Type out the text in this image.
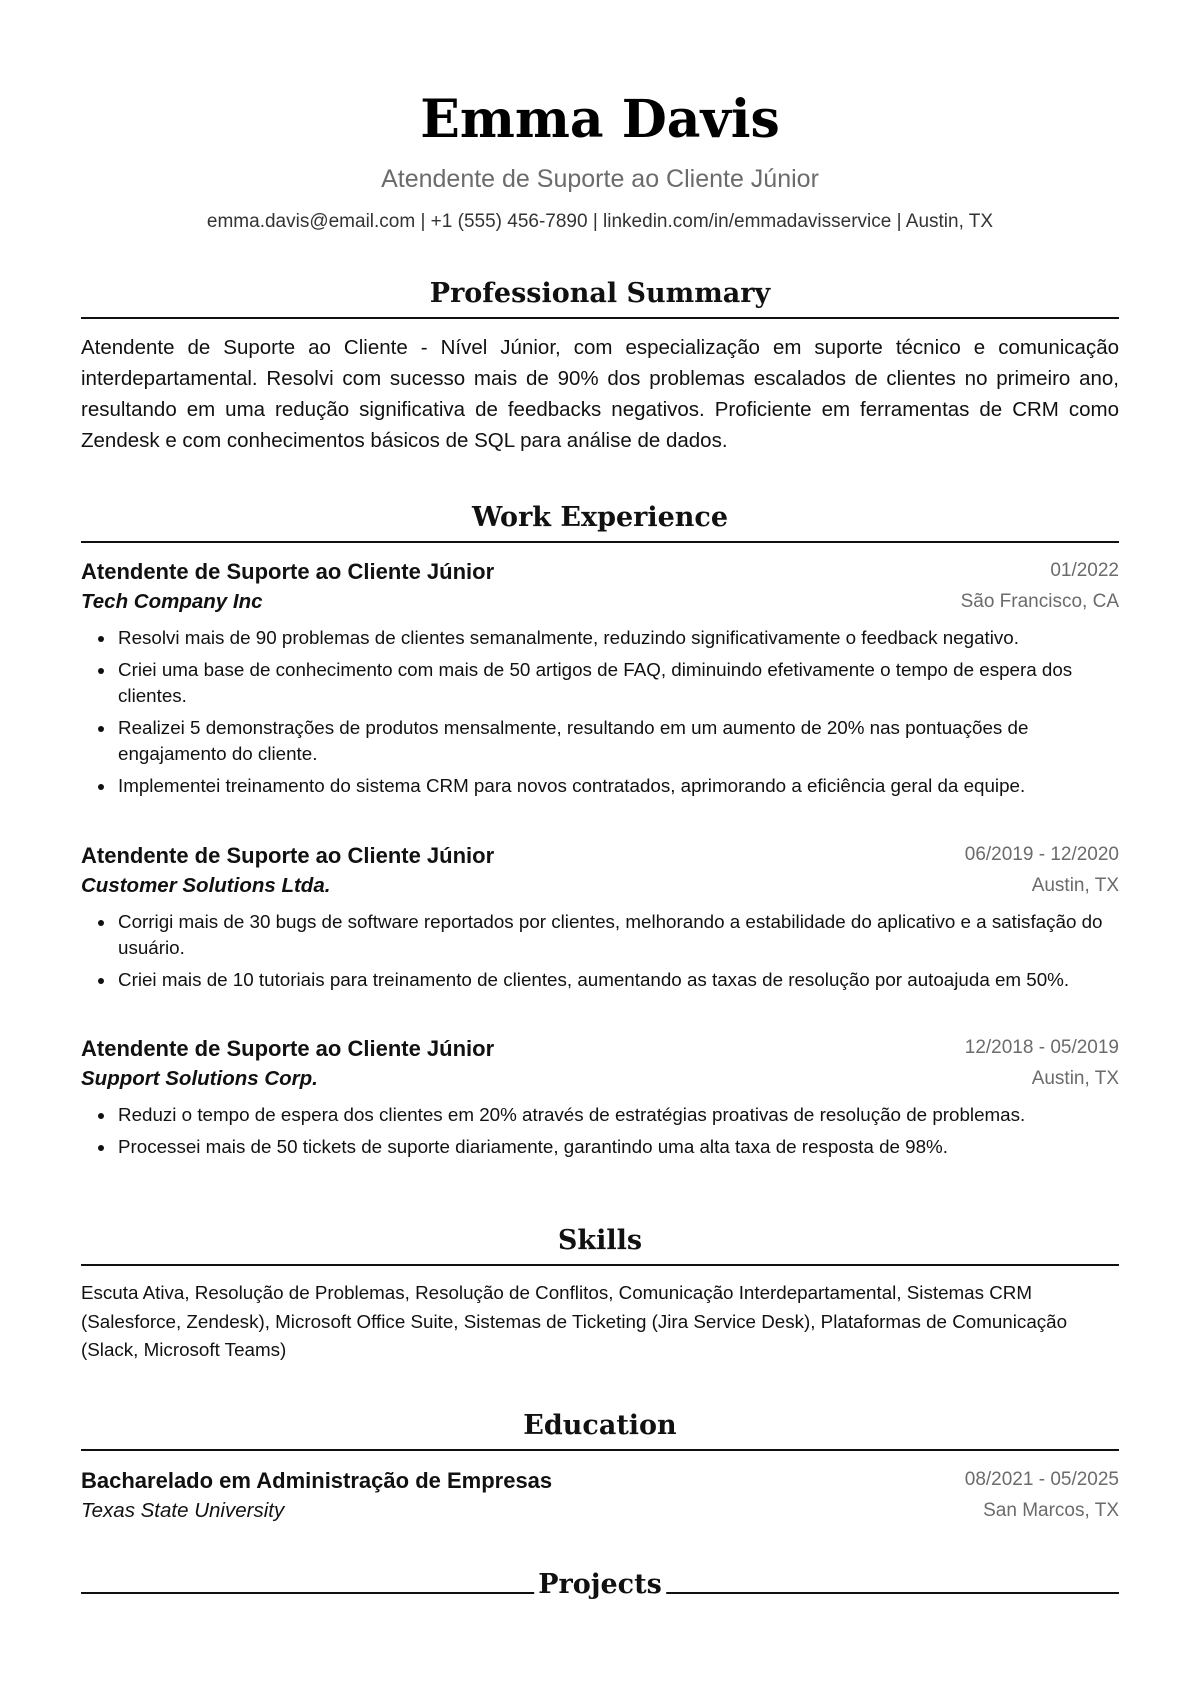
Emma Davis
Atendente de Suporte ao Cliente Júnior
emma.davis@email.com | +1 (555) 456-7890 | linkedin.com/in/emmadavisservice | Austin, TX
Professional Summary
Atendente de Suporte ao Cliente - Nível Júnior, com especialização em suporte técnico e comunicação interdepartamental. Resolvi com sucesso mais de 90% dos problemas escalados de clientes no primeiro ano, resultando em uma redução significativa de feedbacks negativos. Proficiente em ferramentas de CRM como Zendesk e com conhecimentos básicos de SQL para análise de dados.
Work Experience
Atendente de Suporte ao Cliente Júnior	01/2022
Tech Company Inc	São Francisco, CA
Resolvi mais de 90 problemas de clientes semanalmente, reduzindo significativamente o feedback negativo.
Criei uma base de conhecimento com mais de 50 artigos de FAQ, diminuindo efetivamente o tempo de espera dos clientes.
Realizei 5 demonstrações de produtos mensalmente, resultando em um aumento de 20% nas pontuações de engajamento do cliente.
Implementei treinamento do sistema CRM para novos contratados, aprimorando a eficiência geral da equipe.
Atendente de Suporte ao Cliente Júnior	06/2019 - 12/2020
Customer Solutions Ltda.	Austin, TX
Corrigi mais de 30 bugs de software reportados por clientes, melhorando a estabilidade do aplicativo e a satisfação do usuário.
Criei mais de 10 tutoriais para treinamento de clientes, aumentando as taxas de resolução por autoajuda em 50%.
Atendente de Suporte ao Cliente Júnior	12/2018 - 05/2019
Support Solutions Corp.	Austin, TX
Reduzi o tempo de espera dos clientes em 20% através de estratégias proativas de resolução de problemas.
Processei mais de 50 tickets de suporte diariamente, garantindo uma alta taxa de resposta de 98%.
Skills
Escuta Ativa, Resolução de Problemas, Resolução de Conflitos, Comunicação Interdepartamental, Sistemas CRM (Salesforce, Zendesk), Microsoft Office Suite, Sistemas de Ticketing (Jira Service Desk), Plataformas de Comunicação (Slack, Microsoft Teams)
Education
Bacharelado em Administração de Empresas	08/2021 - 05/2025
Texas State University	San Marcos, TX
Projects
